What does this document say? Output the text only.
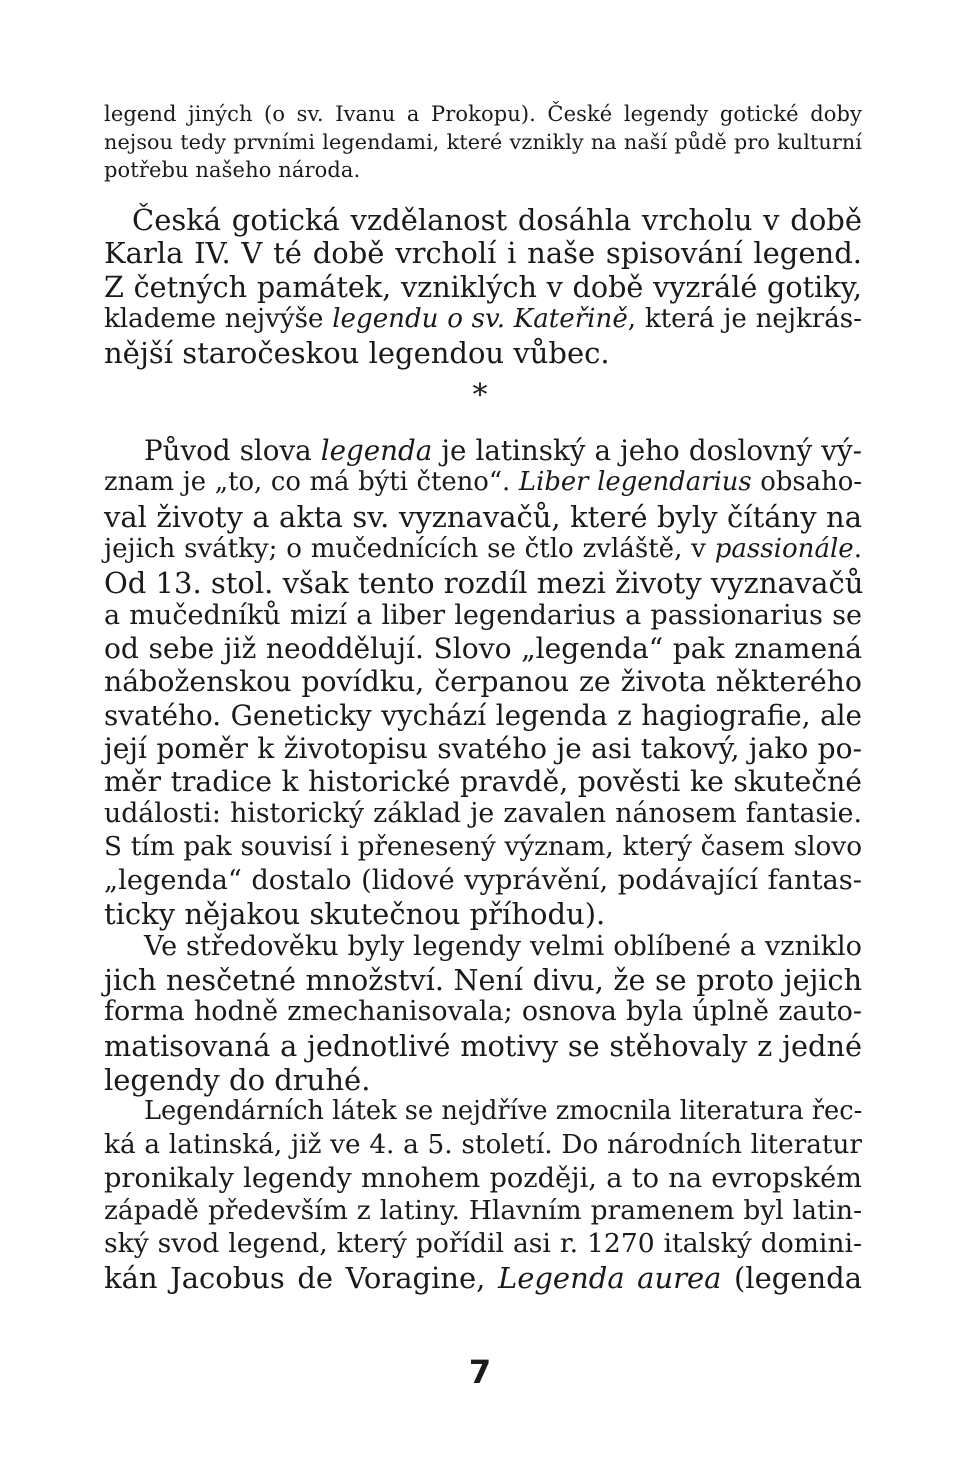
legend jiných (o sv. Ivanu a Prokopu). České legendy gotické doby
nejsou tedy prvními legendami, které vznikly na naší půdě pro kulturní
potřebu našeho národa.
Česká gotická vzdělanost dosáhla vrcholu v době
Karla IV. V té době vrcholí i naše spisování legend.
Z četných památek, vzniklých v době vyzrálé gotiky,
klademe nejvýše legendu o sv. Kateřině, která je nejkrás-
nější staročeskou legendou vůbec.
*
Původ slova legenda je latinský a jeho doslovný vý-
znam je „to, co má býti čteno“. Liber legendarius obsaho-
val životy a akta sv. vyznavačů, které byly čítány na
jejich svátky; o mučednících se čtlo zvláště, v passionále.
Od 13. stol. však tento rozdíl mezi životy vyznavačů
a mučedníků mizí a liber legendarius a passionarius se
od sebe již neoddělují. Slovo „legenda“ pak znamená
náboženskou povídku, čerpanou ze života některého
svatého. Geneticky vychází legenda z hagiografie, ale
její poměr k životopisu svatého je asi takový, jako po-
měr tradice k historické pravdě, pověsti ke skutečné
události: historický základ je zavalen nánosem fantasie.
S tím pak souvisí i přenesený význam, který časem slovo
„legenda“ dostalo (lidové vyprávění, podávající fantas-
ticky nějakou skutečnou příhodu).
Ve středověku byly legendy velmi oblíbené a vzniklo
jich nesčetné množství. Není divu, že se proto jejich
forma hodně zmechanisovala; osnova byla úplně zauto-
matisovaná a jednotlivé motivy se stěhovaly z jedné
legendy do druhé.
Legendárních látek se nejdříve zmocnila literatura řec-
ká a latinská, již ve 4. a 5. století. Do národních literatur
pronikaly legendy mnohem později, a to na evropském
západě především z latiny. Hlavním pramenem byl latin-
ský svod legend, který pořídil asi r. 1270 italský domini-
kán Jacobus de Voragine, Legenda aurea (legenda
7
